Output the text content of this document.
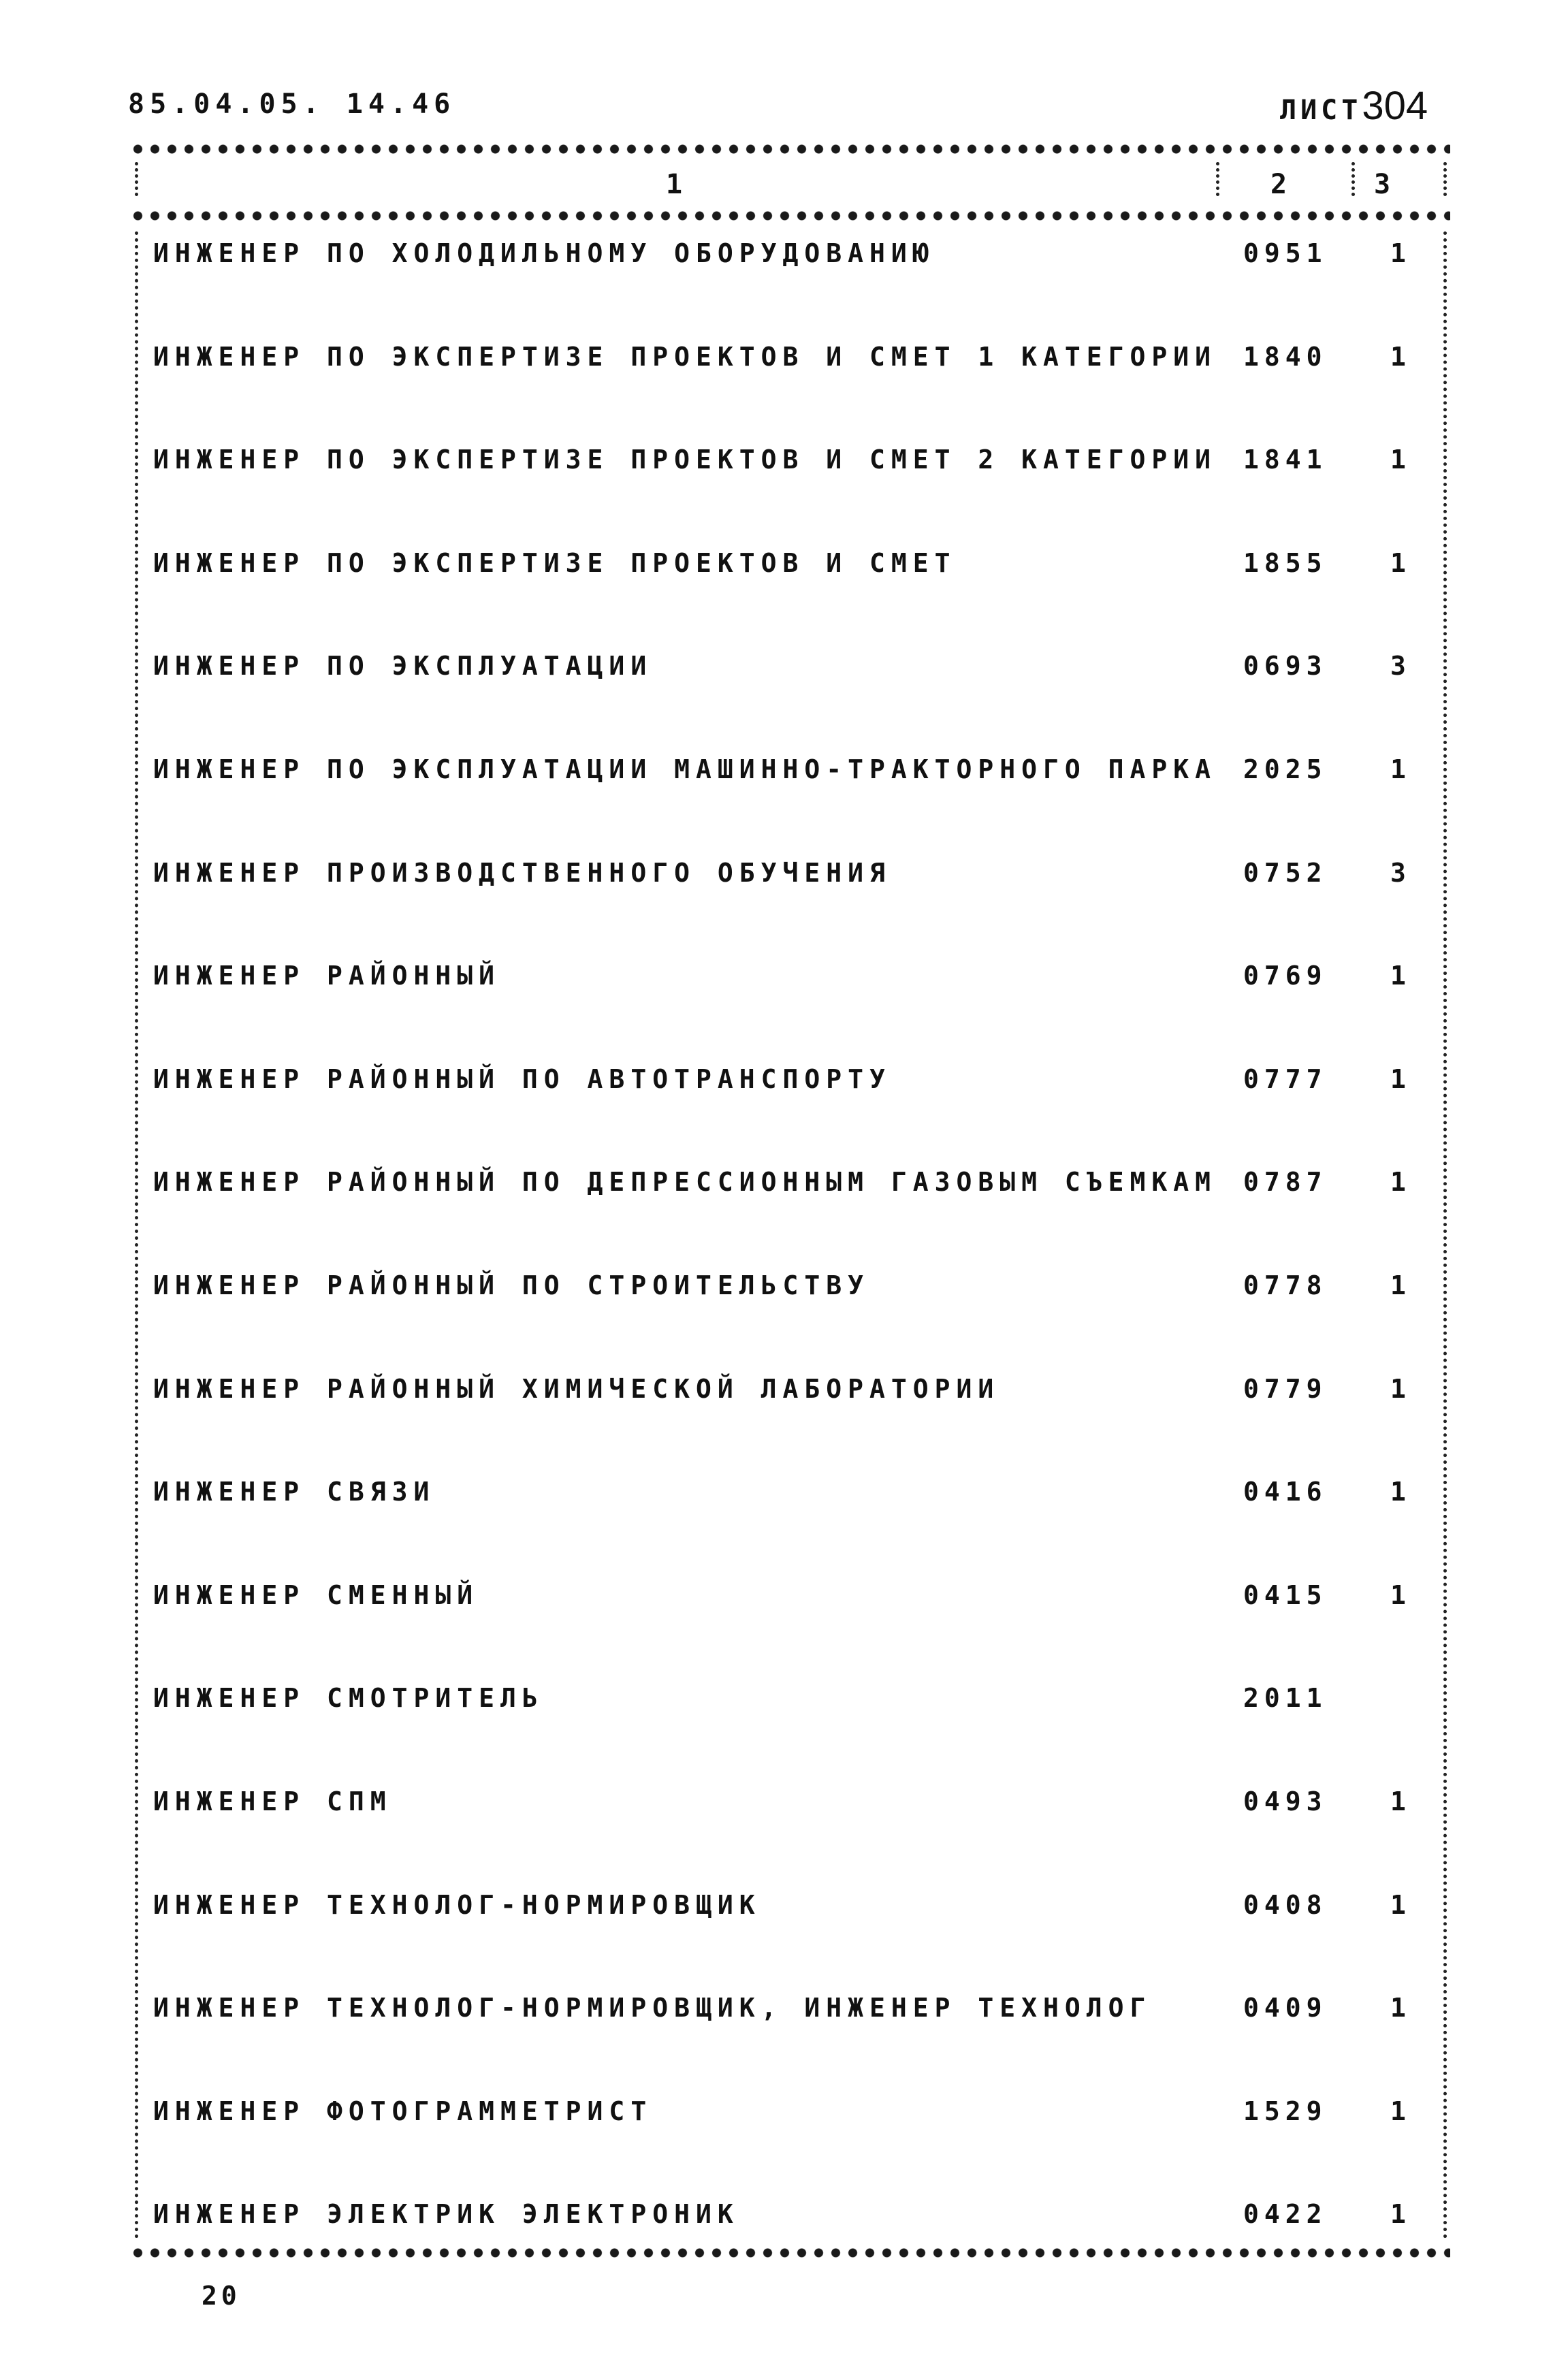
85.04.05. 14.46	ЛИСТ304
1	2	3
ИНЖЕНЕР ПО ХОЛОДИЛЬНОМУ ОБОРУДОВАНИЮ	0951 1
ИНЖЕНЕР ПО ЭКСПЕРТИЗЕ ПРОЕКТОВ И СМЕТ 1 КАТЕГОРИИ 1840 1
ИНЖЕНЕР ПО ЭКСПЕРТИЗЕ ПРОЕКТОВ И СМЕТ 2 КАТЕГОРИИ 1841 1
ИНЖЕНЕР ПО ЭКСПЕРТИЗЕ ПРОЕКТОВ И СМЕТ	1855 1
ИНЖЕНЕР ПО ЭКСПЛУАТАЦИИ	0693 3
ИНЖЕНЕР ПО ЭКСПЛУАТАЦИИ МАШИННО-ТРАКТОРНОГО ПАРКА 2025 1
ИНЖЕНЕР ПРОИЗВОДСТВЕННОГО ОБУЧЕНИЯ	0752 3
ИНЖЕНЕР РАЙОННЫЙ	0769 1
ИНЖЕНЕР РАЙОННЫЙ ПО АВТОТРАНСПОРТУ	0777 1
ИНЖЕНЕР РАЙОННЫЙ ПО ДЕПРЕССИОННЫМ ГАЗОВЫМ СЪЕМКАМ 0787 1
ИНЖЕНЕР РАЙОННЫЙ ПО СТРОИТЕЛЬСТВУ	0778 1
ИНЖЕНЕР РАЙОННЫЙ ХИМИЧЕСКОЙ ЛАБОРАТОРИИ	0779 1
ИНЖЕНЕР СВЯЗИ	0416 1
ИНЖЕНЕР СМЕННЫЙ	0415 1
ИНЖЕНЕР СМОТРИТЕЛЬ	2011
ИНЖЕНЕР СПМ	0493 1
ИНЖЕНЕР ТЕХНОЛОГ-НОРМИРОВЩИК	0408 1
ИНЖЕНЕР ТЕХНОЛОГ-НОРМИРОВЩИК, ИНЖЕНЕР ТЕХНОЛОГ	0409 1
ИНЖЕНЕР ФОТОГРАММЕТРИСТ	1529 1
ИНЖЕНЕР ЭЛЕКТРИК ЭЛЕКТРОНИК	0422 1
20
